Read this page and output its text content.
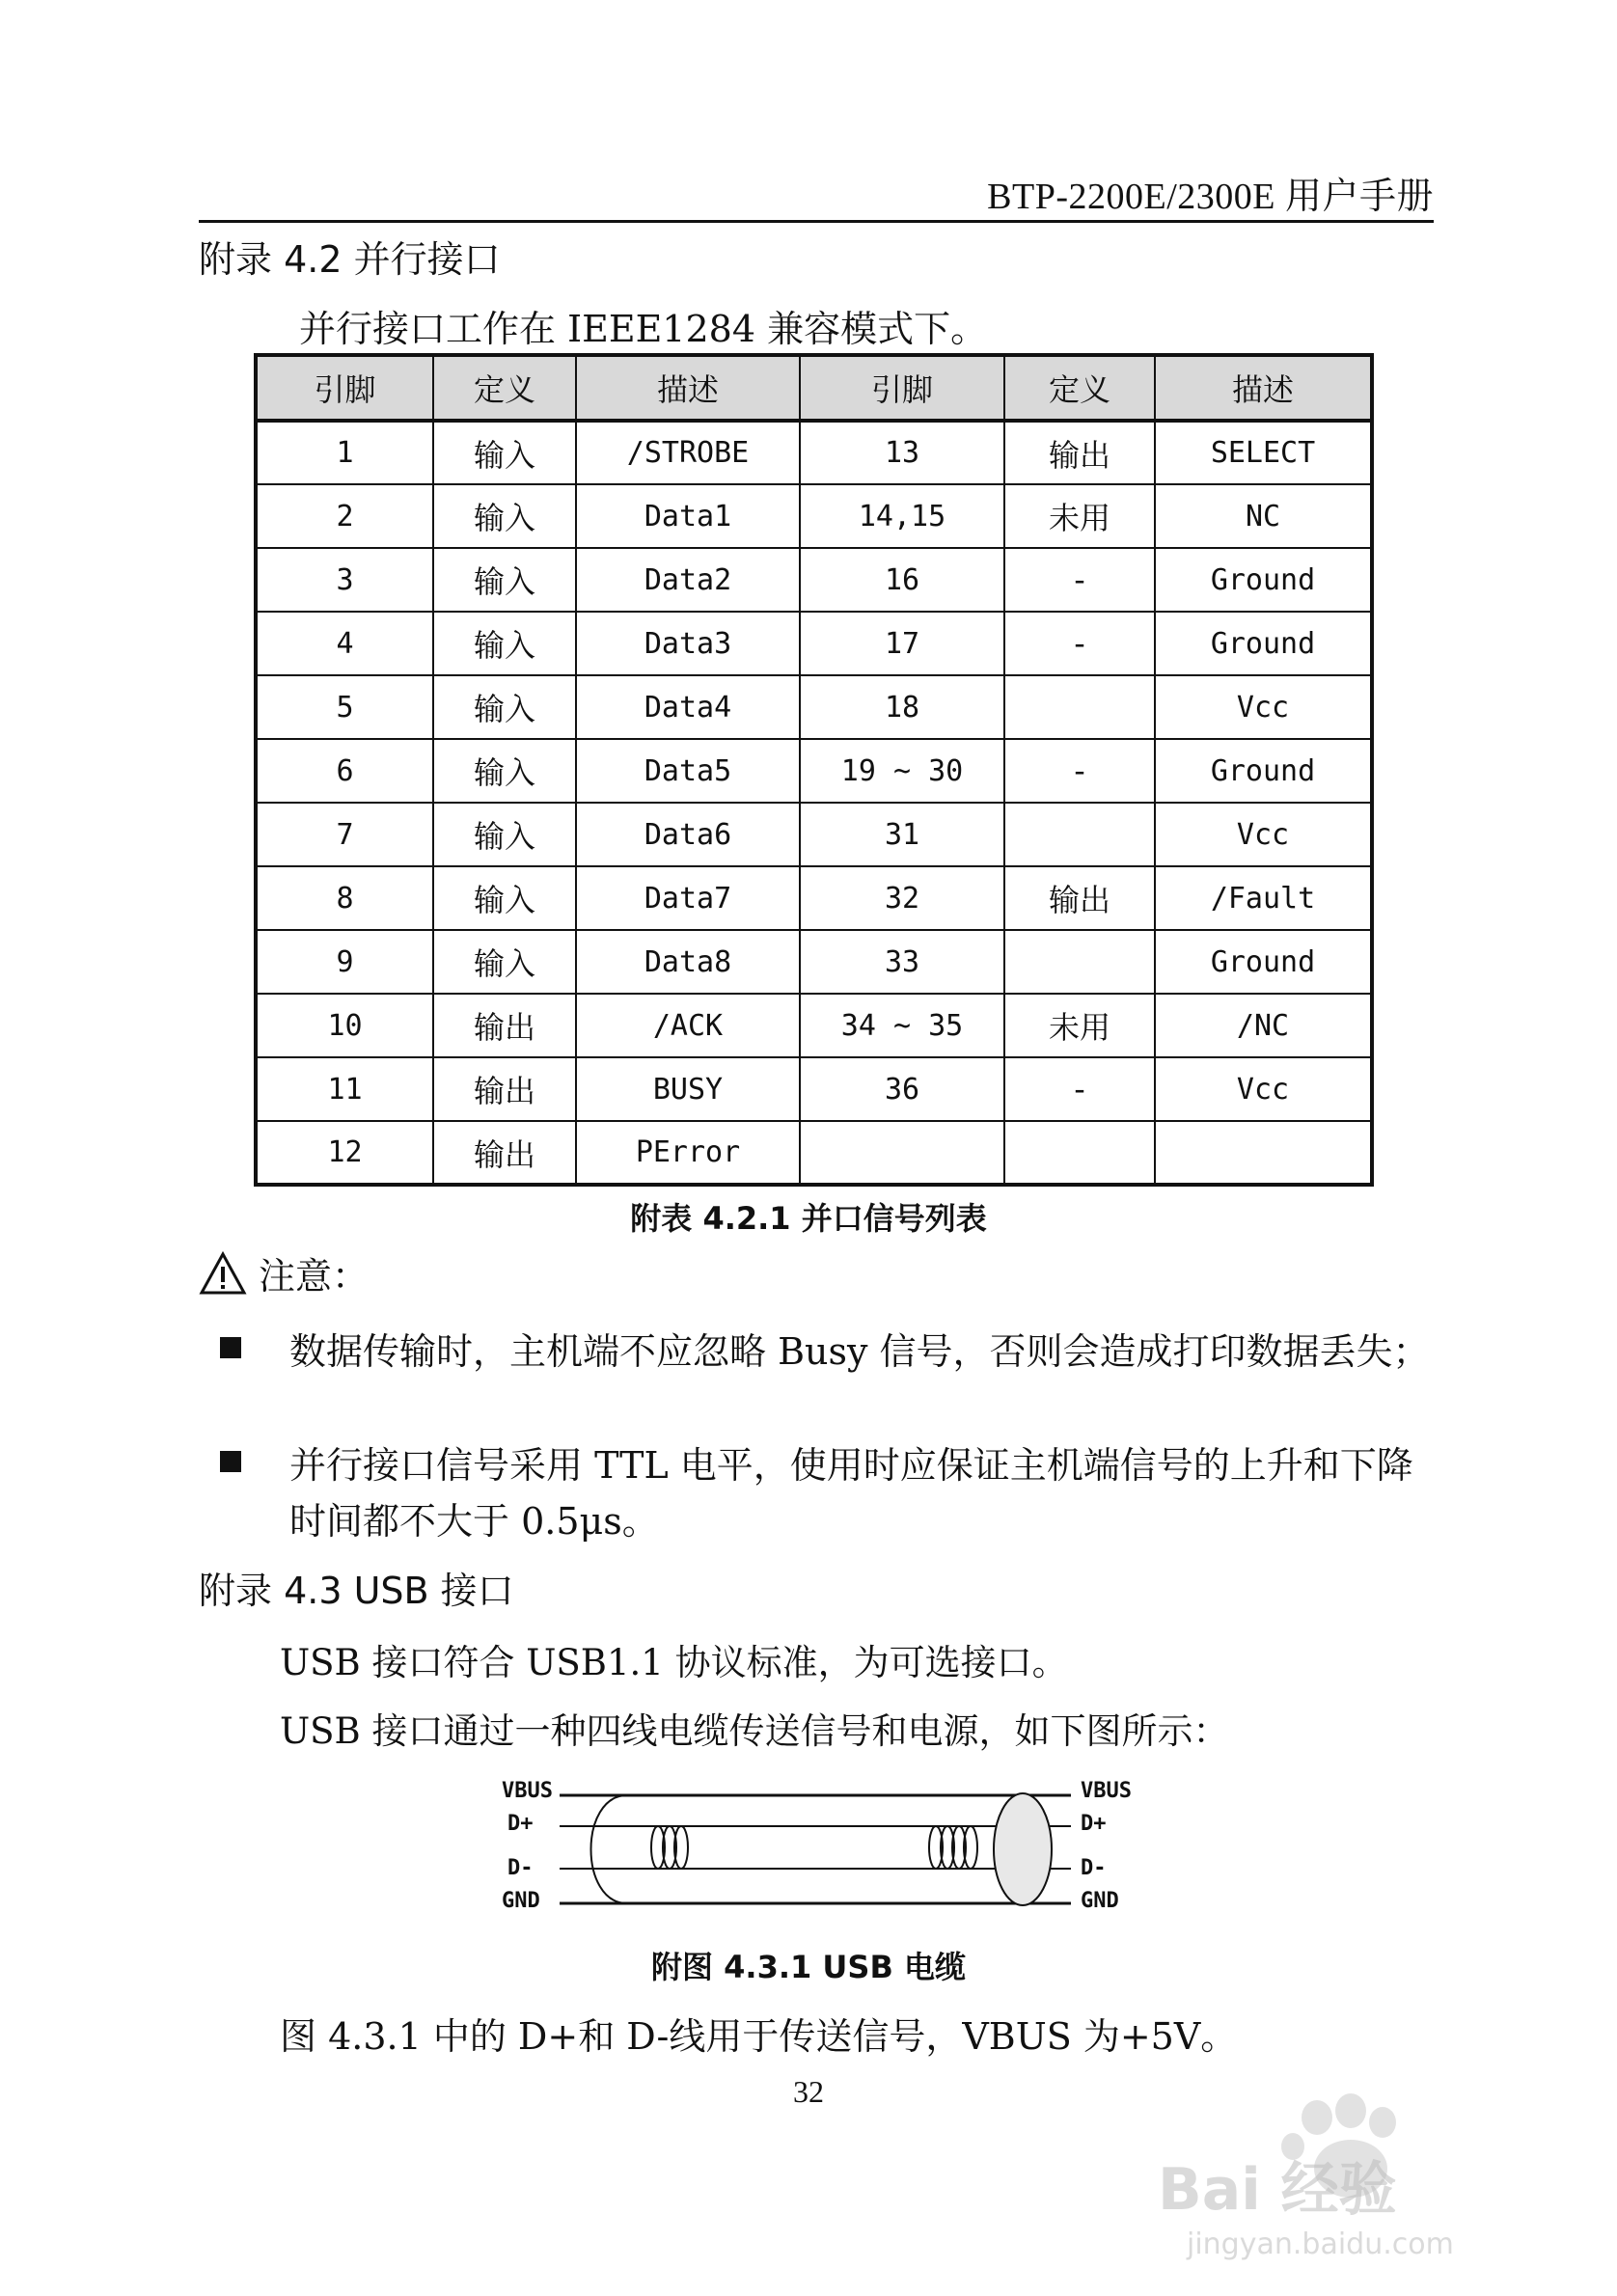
BTP-2200E/2300E 用户手册
附录 4.2 并行接口
并行接口工作在 IEEE1284 兼容模式下。
引脚	定义	描述	引脚	定义	描述
1	输入	/STROBE	13	输出	SELECT
2	输入	Data1	14,15	未用	NC
3	输入	Data2	16	-	Ground
4	输入	Data3	17	-	Ground
5	输入	Data4	18		Vcc
6	输入	Data5	19 ~ 30	-	Ground
7	输入	Data6	31		Vcc
8	输入	Data7	32	输出	/Fault
9	输入	Data8	33		Ground
10	输出	/ACK	34 ~ 35	未用	/NC
11	输出	BUSY	36	-	Vcc
12	输出	PError			
附表 4.2.1 并口信号列表
注意：
数据传输时，主机端不应忽略 Busy 信号，否则会造成打印数据丢失；
并行接口信号采用 TTL 电平，使用时应保证主机端信号的上升和下降时间都不大于 0.5μs。
附录 4.3 USB 接口
USB 接口符合 USB1.1 协议标准，为可选接口。
USB 接口通过一种四线电缆传送信号和电源，如下图所示：
VBUS
D+
D-
GND
VBUS
D+
D-
GND
附图 4.3.1 USB 电缆
图 4.3.1 中的 D+和 D-线用于传送信号，VBUS 为+5V。
32
Bai 经验
jingyan.baidu.com
